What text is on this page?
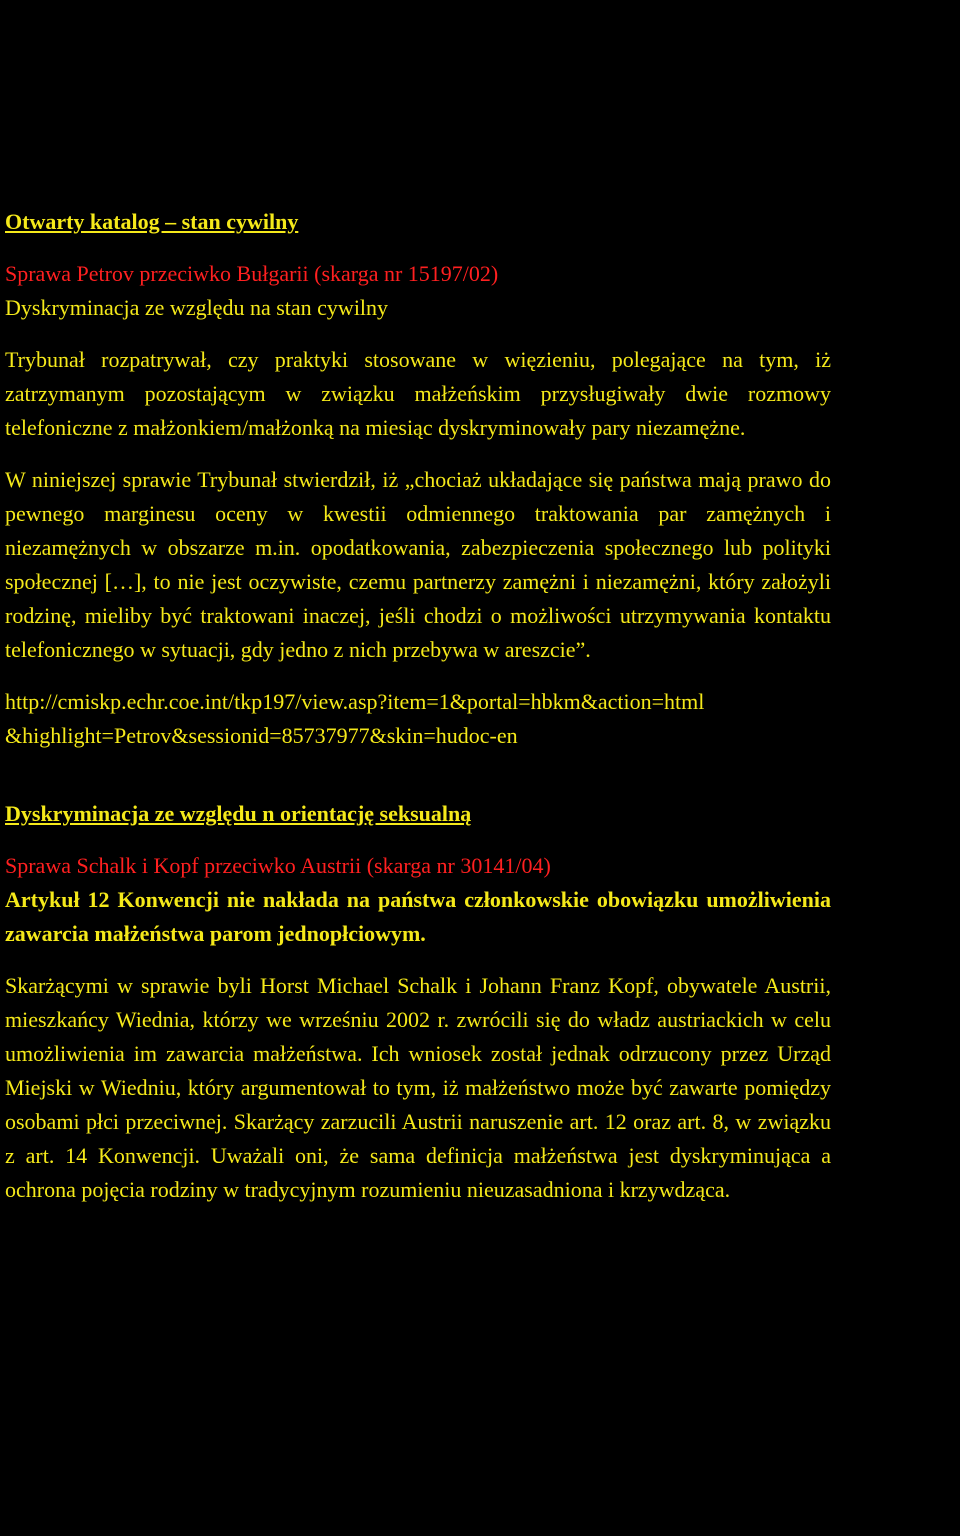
Otwarty katalog – stan cywilny
Sprawa Petrov przeciwko Bułgarii (skarga nr 15197/02)
Dyskryminacja ze względu na stan cywilny

Trybunał rozpatrywał, czy praktyki stosowane w więzieniu, polegające na tym, iż zatrzymanym pozostającym w związku małżeńskim przysługiwały dwie rozmowy telefoniczne z małżonkiem/małżonką na miesiąc dyskryminowały pary niezamężne.

W niniejszej sprawie Trybunał stwierdził, iż „chociaż układające się państwa mają prawo do pewnego marginesu oceny w kwestii odmiennego traktowania par zamężnych i niezamężnych w obszarze m.in. opodatkowania, zabezpieczenia społecznego lub polityki społecznej […], to nie jest oczywiste, czemu partnerzy zamężni i niezamężni, który założyli rodzinę, mieliby być traktowani inaczej, jeśli chodzi o możliwości utrzymywania kontaktu telefonicznego w sytuacji, gdy jedno z nich przebywa w areszcie”.

http://cmiskp.echr.coe.int/tkp197/view.asp?item=1&portal=hbkm&action=html
&highlight=Petrov&sessionid=85737977&skin=hudoc-en
Dyskryminacja ze względu n orientację seksualną
Sprawa Schalk i Kopf przeciwko Austrii (skarga nr 30141/04)
Artykuł 12 Konwencji nie nakłada na państwa członkowskie obowiązku umożliwienia zawarcia małżeństwa parom jednopłciowym.

Skarżącymi w sprawie byli Horst Michael Schalk i Johann Franz Kopf, obywatele Austrii, mieszkańcy Wiednia, którzy we wrześniu 2002 r. zwrócili się do władz austriackich w celu umożliwienia im zawarcia małżeństwa. Ich wniosek został jednak odrzucony przez Urząd Miejski w Wiedniu, który argumentował to tym, iż małżeństwo może być zawarte pomiędzy osobami płci przeciwnej. Skarżący zarzucili Austrii naruszenie art. 12 oraz art. 8, w związku z art. 14 Konwencji. Uważali oni, że sama definicja małżeństwa jest dyskryminująca a ochrona pojęcia rodziny w tradycyjnym rozumieniu nieuzasadniona i krzywdząca.
